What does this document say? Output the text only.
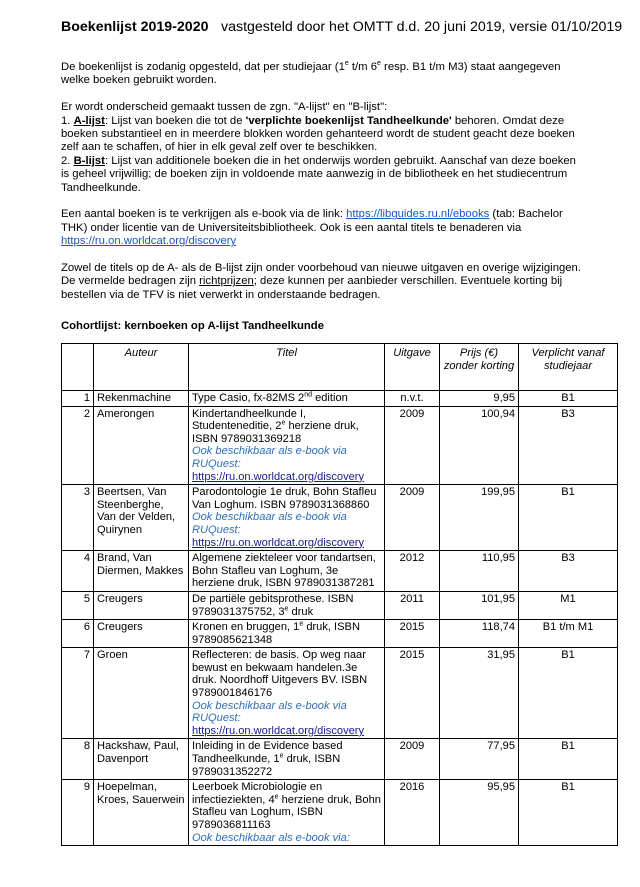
Boekenlijst 2019-2020 vastgesteld door het OMTT d.d. 20 juni 2019, versie 01/10/2019

De boekenlijst is zodanig opgesteld, dat per studiejaar (1e t/m 6e resp. B1 t/m M3) staat aangegeven welke boeken gebruikt worden.

Er wordt onderscheid gemaakt tussen de zgn. "A-lijst" en "B-lijst":
1. A-lijst: Lijst van boeken die tot de 'verplichte boekenlijst Tandheelkunde' behoren. Omdat deze boeken substantieel en in meerdere blokken worden gehanteerd wordt de student geacht deze boeken zelf aan te schaffen, of hier in elk geval zelf over te beschikken.
2. B-lijst: Lijst van additionele boeken die in het onderwijs worden gebruikt. Aanschaf van deze boeken is geheel vrijwillig; de boeken zijn in voldoende mate aanwezig in de bibliotheek en het studiecentrum Tandheelkunde.

Een aantal boeken is te verkrijgen als e-book via de link: https://libguides.ru.nl/ebooks (tab: Bachelor THK) onder licentie van de Universiteitsbibliotheek. Ook is een aantal titels te benaderen via https://ru.on.worldcat.org/discovery

Zowel de titels op de A- als de B-lijst zijn onder voorbehoud van nieuwe uitgaven en overige wijzigingen. De vermelde bedragen zijn richtprijzen; deze kunnen per aanbieder verschillen. Eventuele korting bij bestellen via de TFV is niet verwerkt in onderstaande bedragen.

Cohortlijst: kernboeken op A-lijst Tandheelkunde
	Auteur	Titel	Uitgave	Prijs (€) zonder korting	Verplicht vanaf studiejaar
1	Rekenmachine	Type Casio, fx-82MS 2nd edition	n.v.t.	9,95	B1
2	Amerongen	Kindertandheelkunde I, Studenteneditie, 2e herziene druk, ISBN 9789031369218
Ook beschikbaar als e-book via RUQuest:
https://ru.on.worldcat.org/discovery	2009	100,94	B3
3	Beertsen, Van Steenberghe, Van der Velden, Quirynen	Parodontologie 1e druk, Bohn Stafleu Van Loghum. ISBN 9789031368860
Ook beschikbaar als e-book via RUQuest:
https://ru.on.worldcat.org/discovery	2009	199,95	B1
4	Brand, Van Diermen, Makkes	Algemene ziekteleer voor tandartsen, Bohn Stafleu van Loghum, 3e herziene druk, ISBN 9789031387281	2012	110,95	B3
5	Creugers	De partiële gebitsprothese. ISBN 9789031375752, 3e druk	2011	101,95	M1
6	Creugers	Kronen en bruggen, 1e druk, ISBN 9789085621348	2015	118,74	B1 t/m M1
7	Groen	Reflecteren: de basis. Op weg naar bewust en bekwaam handelen.3e druk. Noordhoff Uitgevers BV. ISBN 9789001846176
Ook beschikbaar als e-book via RUQuest:
https://ru.on.worldcat.org/discovery	2015	31,95	B1
8	Hackshaw, Paul, Davenport	Inleiding in de Evidence based Tandheelkunde, 1e druk, ISBN 9789031352272	2009	77,95	B1
9	Hoepelman, Kroes, Sauerwein	Leerboek Microbiologie en infectieziekten, 4e herziene druk, Bohn Stafleu van Loghum, ISBN 9789036811163
Ook beschikbaar als e-book via:	2016	95,95	B1
